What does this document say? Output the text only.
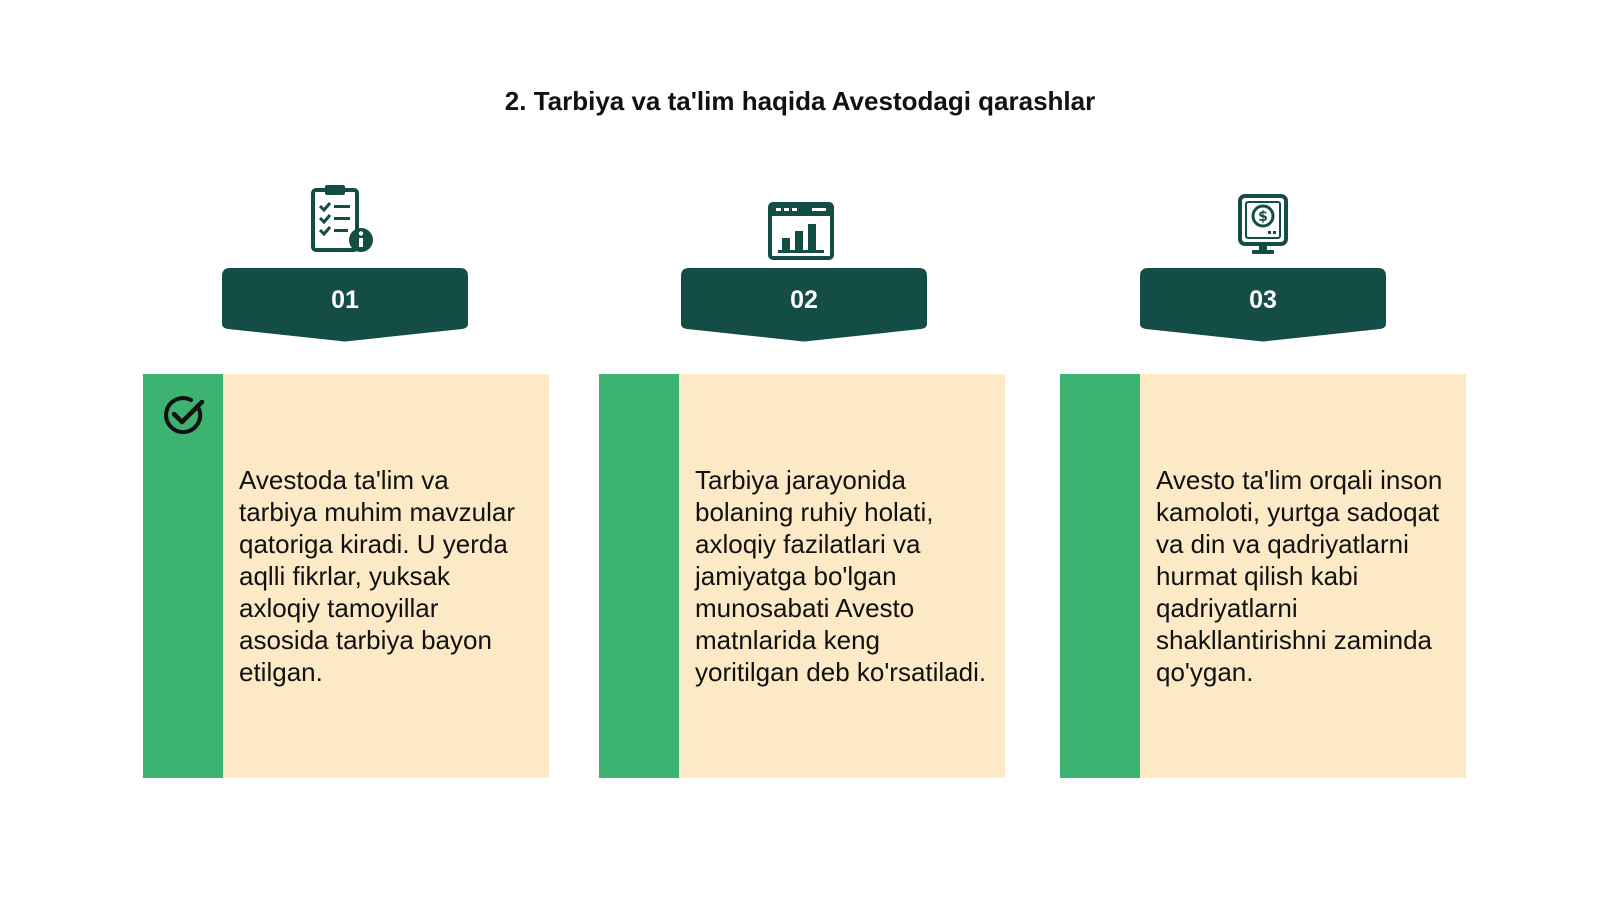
2. Tarbiya va ta'lim haqida Avestodagi qarashlar
01
Avestoda ta'lim va tarbiya muhim mavzular qatoriga kiradi. U yerda aqlli fikrlar, yuksak axloqiy tamoyillar asosida tarbiya bayon etilgan.
02
Tarbiya jarayonida bolaning ruhiy holati, axloqiy fazilatlari va jamiyatga bo'lgan munosabati Avesto matnlarida keng yoritilgan deb ko'rsatiladi.
$
03
Avesto ta'lim orqali inson kamoloti, yurtga sadoqat va din va qadriyatlarni hurmat qilish kabi qadriyatlarni shakllantirishni zaminda qo'ygan.
